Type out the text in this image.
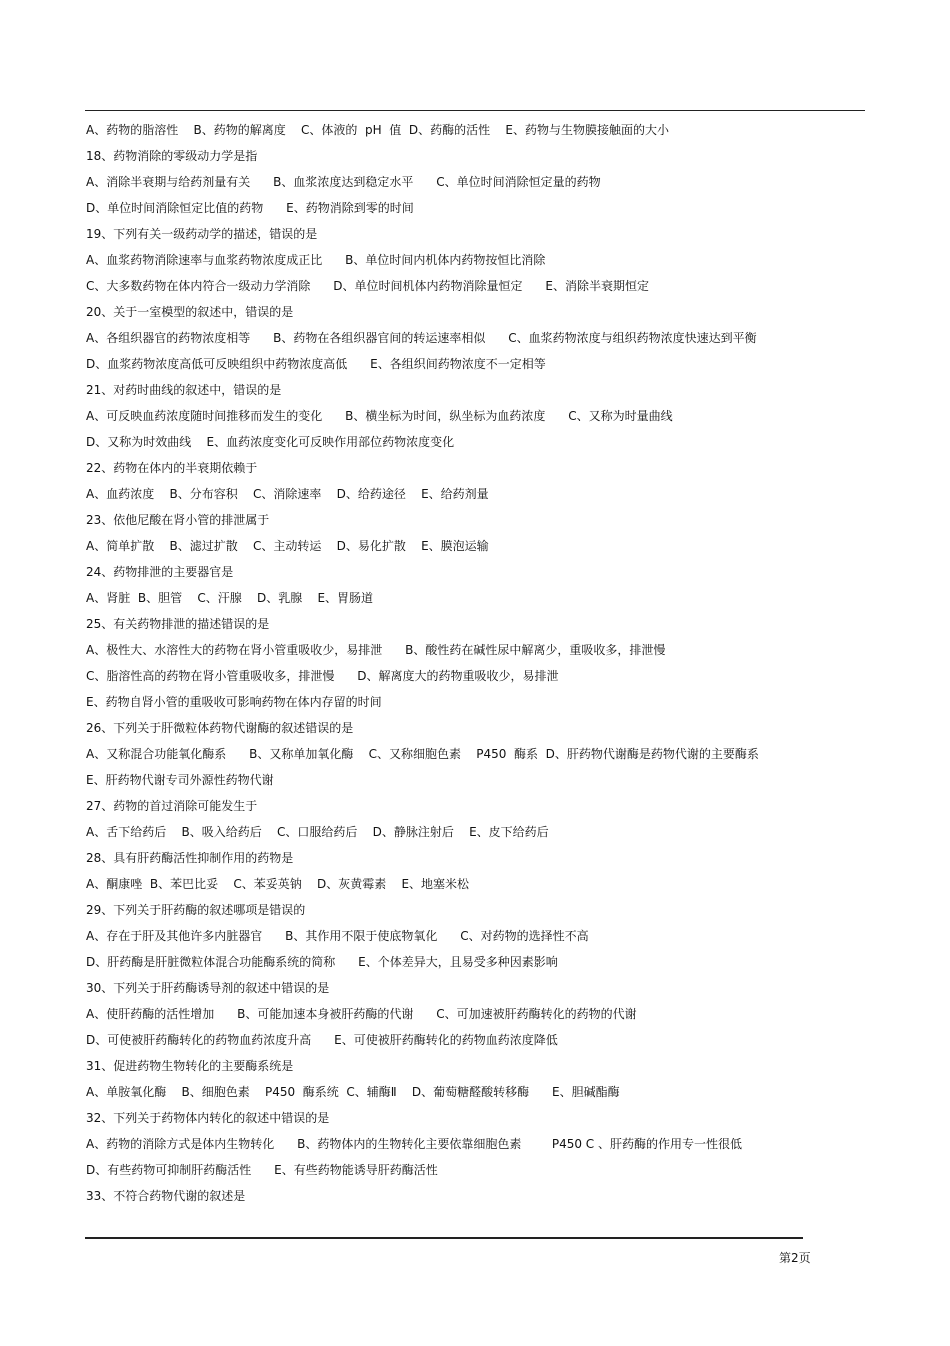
A、药物的脂溶性    B、药物的解离度    C、体液的  pH  值  D、药酶的活性    E、药物与生物膜接触面的大小
18、药物消除的零级动力学是指
A、消除半衰期与给药剂量有关      B、血浆浓度达到稳定水平      C、单位时间消除恒定量的药物
D、单位时间消除恒定比值的药物      E、药物消除到零的时间
19、下列有关一级药动学的描述，错误的是
A、血浆药物消除速率与血浆药物浓度成正比      B、单位时间内机体内药物按恒比消除
C、大多数药物在体内符合一级动力学消除      D、单位时间机体内药物消除量恒定      E、消除半衰期恒定
20、关于一室模型的叙述中，错误的是
A、各组织器官的药物浓度相等      B、药物在各组织器官间的转运速率相似      C、血浆药物浓度与组织药物浓度快速达到平衡
D、血浆药物浓度高低可反映组织中药物浓度高低      E、各组织间药物浓度不一定相等
21、对药时曲线的叙述中，错误的是
A、可反映血药浓度随时间推移而发生的变化      B、横坐标为时间，纵坐标为血药浓度      C、又称为时量曲线
D、又称为时效曲线    E、血药浓度变化可反映作用部位药物浓度变化
22、药物在体内的半衰期依赖于
A、血药浓度    B、分布容积    C、消除速率    D、给药途径    E、给药剂量
23、依他尼酸在肾小管的排泄属于
A、简单扩散    B、滤过扩散    C、主动转运    D、易化扩散    E、膜泡运输
24、药物排泄的主要器官是
A、肾脏  B、胆管    C、汗腺    D、乳腺    E、胃肠道
25、有关药物排泄的描述错误的是
A、极性大、水溶性大的药物在肾小管重吸收少，易排泄      B、酸性药在碱性尿中解离少，重吸收多，排泄慢
C、脂溶性高的药物在肾小管重吸收多，排泄慢      D、解离度大的药物重吸收少，易排泄
E、药物自肾小管的重吸收可影响药物在体内存留的时间
26、下列关于肝微粒体药物代谢酶的叙述错误的是
A、又称混合功能氧化酶系      B、又称单加氧化酶    C、又称细胞色素    P450  酶系  D、肝药物代谢酶是药物代谢的主要酶系
E、肝药物代谢专司外源性药物代谢
27、药物的首过消除可能发生于
A、舌下给药后    B、吸入给药后    C、口服给药后    D、静脉注射后    E、皮下给药后
28、具有肝药酶活性抑制作用的药物是
A、酮康唑  B、苯巴比妥    C、苯妥英钠    D、灰黄霉素    E、地塞米松
29、下列关于肝药酶的叙述哪项是错误的
A、存在于肝及其他许多内脏器官      B、其作用不限于使底物氧化      C、对药物的选择性不高
D、肝药酶是肝脏微粒体混合功能酶系统的简称      E、个体差异大，且易受多种因素影响
30、下列关于肝药酶诱导剂的叙述中错误的是
A、使肝药酶的活性增加      B、可能加速本身被肝药酶的代谢      C、可加速被肝药酶转化的药物的代谢
D、可使被肝药酶转化的药物血药浓度升高      E、可使被肝药酶转化的药物血药浓度降低
31、促进药物生物转化的主要酶系统是
A、单胺氧化酶    B、细胞色素    P450  酶系统  C、辅酶Ⅱ    D、葡萄糖醛酸转移酶      E、胆碱酯酶
32、下列关于药物体内转化的叙述中错误的是
A、药物的消除方式是体内生物转化      B、药物体内的生物转化主要依靠细胞色素        P450 C 、肝药酶的作用专一性很低
D、有些药物可抑制肝药酶活性      E、有些药物能诱导肝药酶活性
33、不符合药物代谢的叙述是
第2页
